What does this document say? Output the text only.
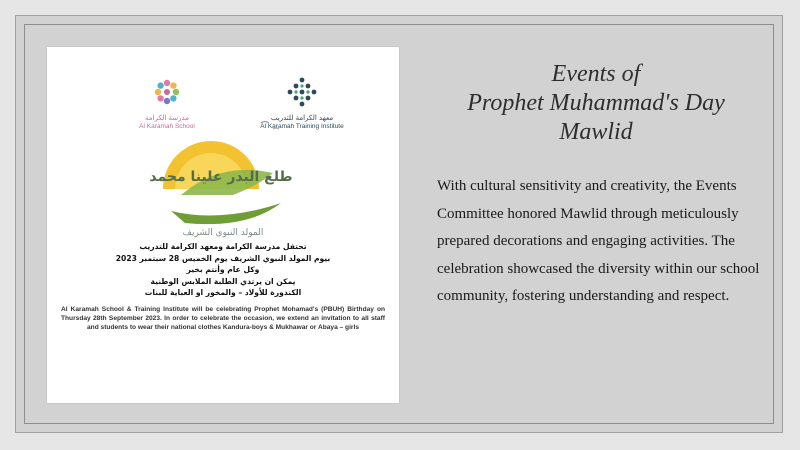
مدرسة الكرامة
Al Karamah School
معهد الكرامة للتدريب
Al Karamah Training Institute
طلع البدر علينا محمد
المولد النبوي الشريف
تحتفل مدرسة الكرامة ومعهد الكرامة للتدريب
بيوم المولد النبوي الشريف يوم الخميس 28 سبتمبر 2023
وكل عام وأنتم بخير
يمكن ان يرتدي الطلبة الملابس الوطنية
الكندورة للأولاد – والمخور او العباية للبنات
Al Karamah School & Training Institute will be celebrating Prophet Mohamad's (PBUH) Birthday on Thursday 28th September 2023. In order to celebrate the occasion, we extend an invitation to all staff and students to wear their national clothes Kandura-boys & Mukhawar or Abaya – girls
Events of
Prophet Muhammad's Day
Mawlid
With cultural sensitivity and creativity, the Events Committee honored Mawlid through meticulously prepared decorations and engaging activities. The celebration showcased the diversity within our school community, fostering understanding and respect.
